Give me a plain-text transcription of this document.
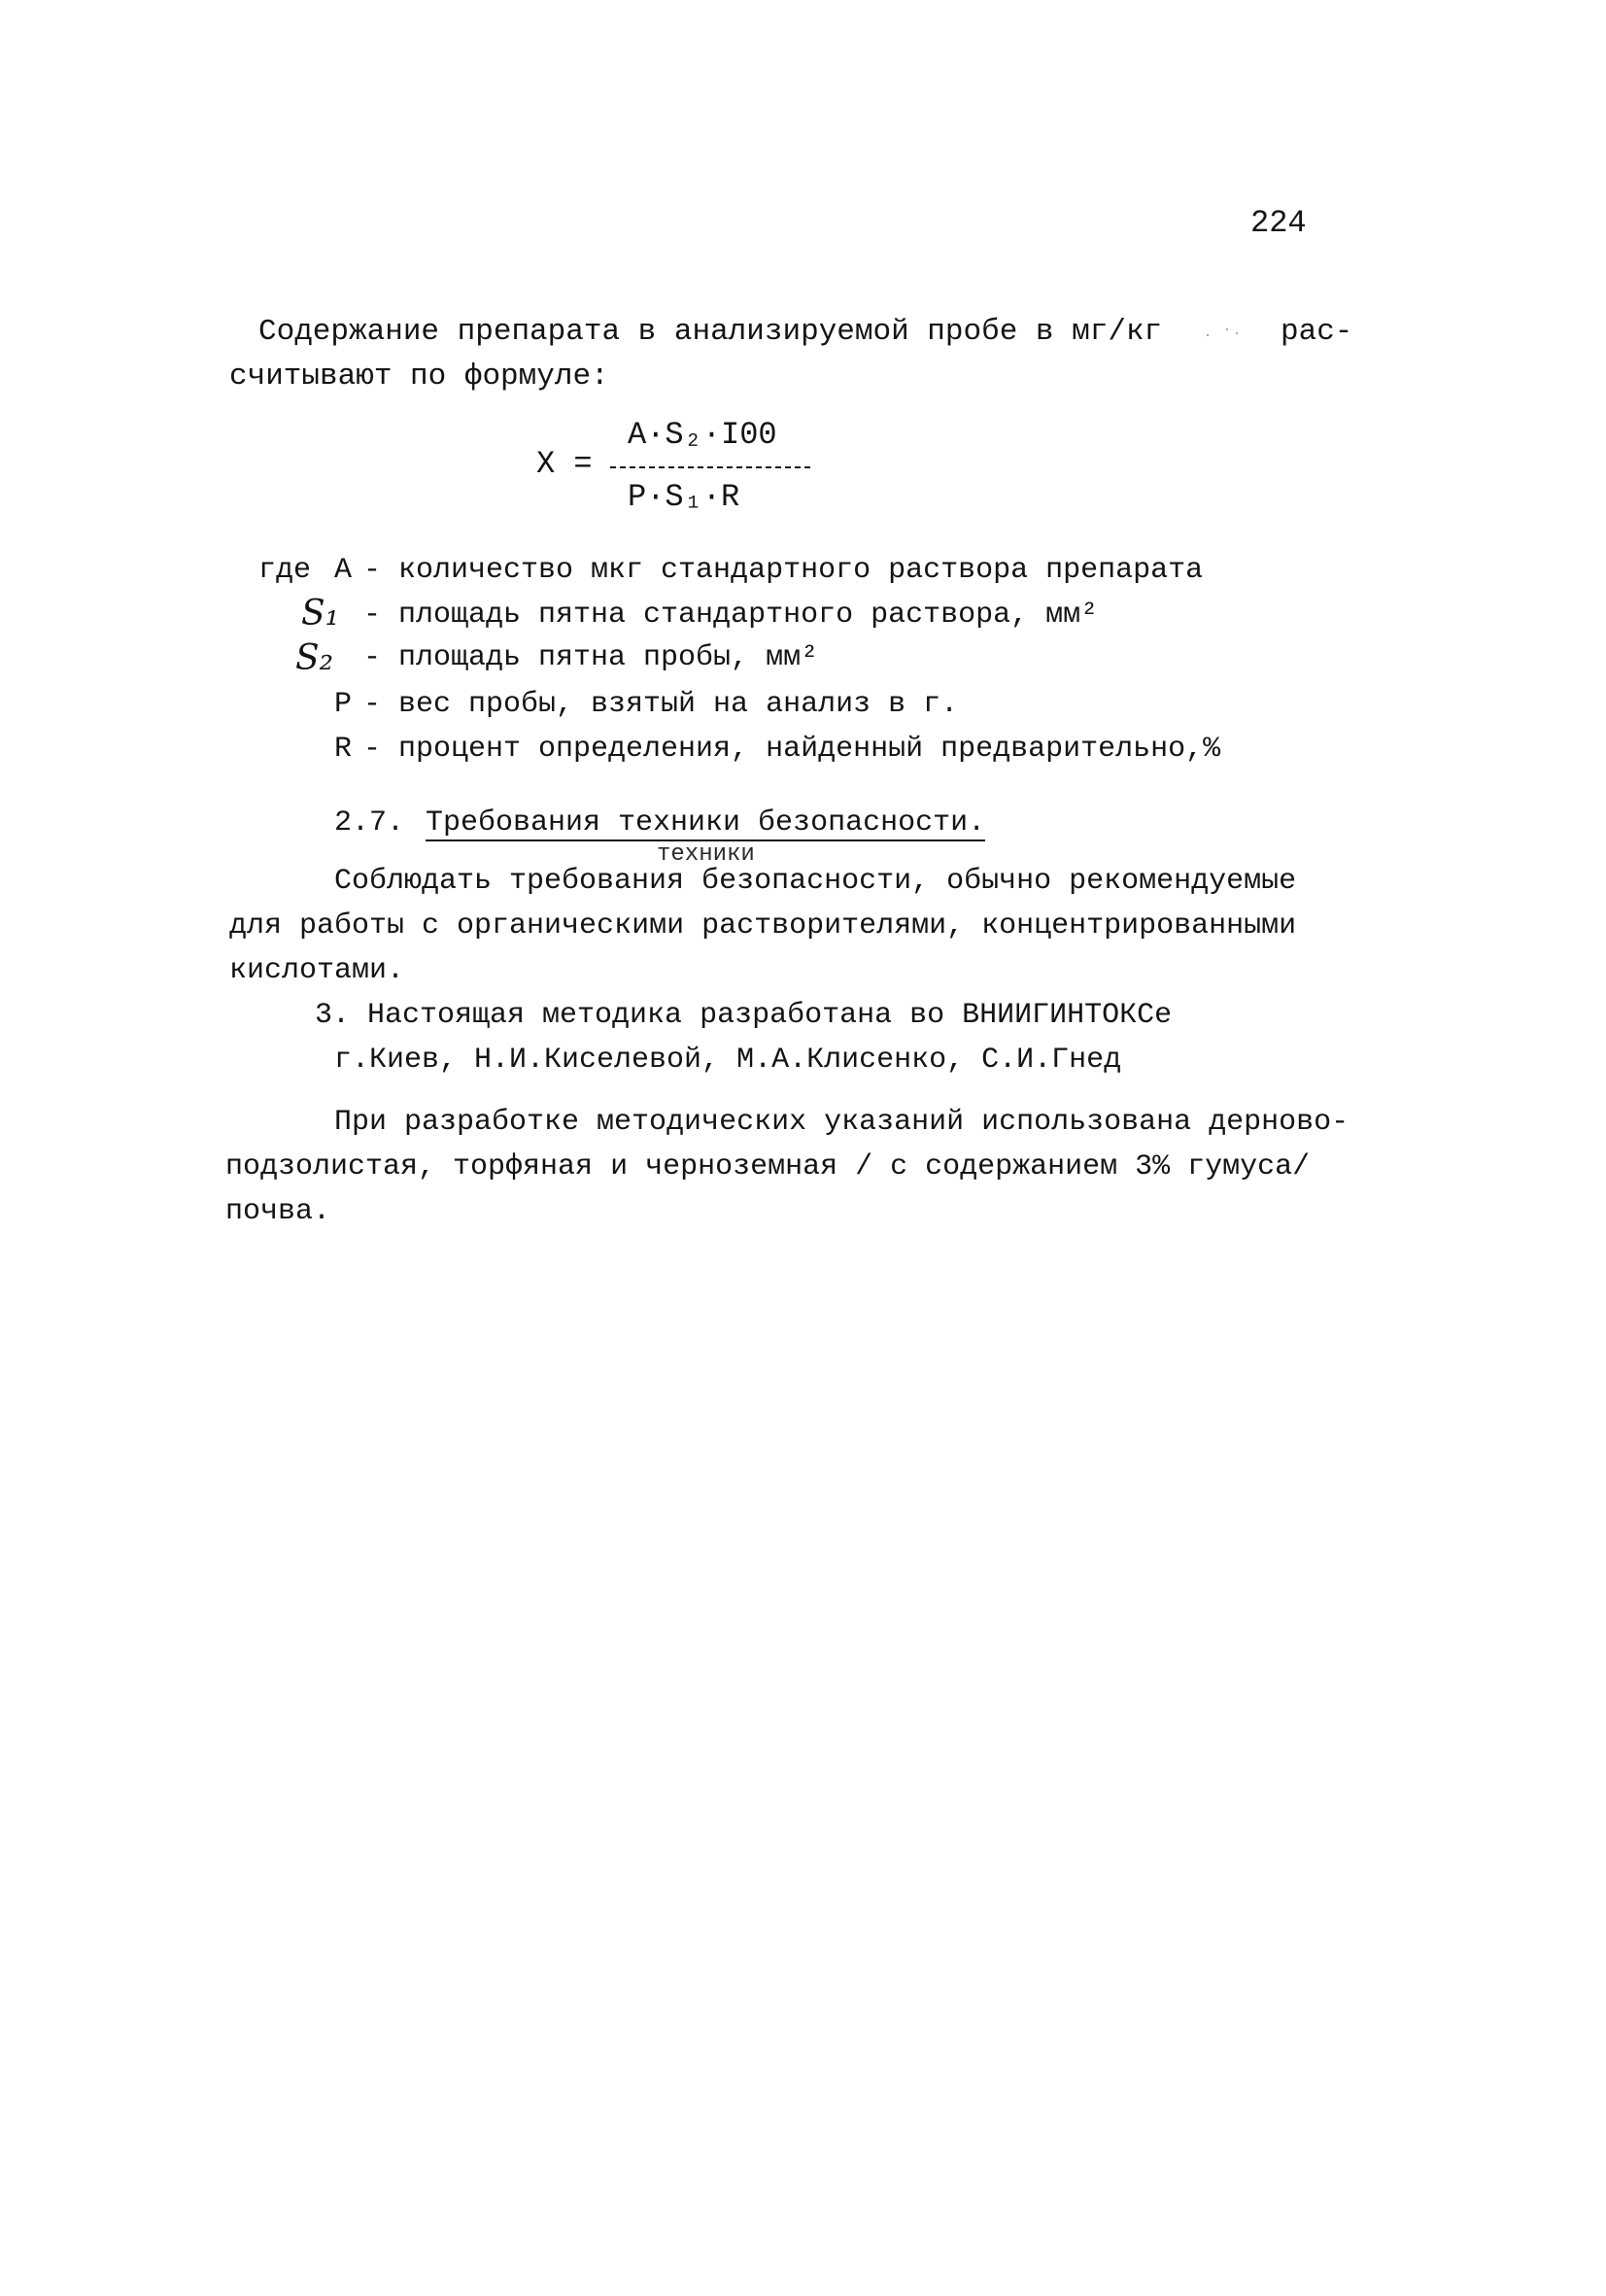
224
Содержание препарата в анализируемой пробе в мг/кг	рас-
считывают по формуле:
X =
A·S₂·I00
P·S₁·R
где A - количество мкг стандартного раствора препарата
S₁ - площадь пятна стандартного раствора, мм²
S₂ - площадь пятна пробы, мм²
P - вес пробы, взятый на анализ в г.
R - процент определения, найденный предварительно,%
2.7. Требования техники безопасности.
техники
Соблюдать требования безопасности, обычно рекомендуемые
для работы с органическими растворителями, концентрированными
кислотами.
3. Настоящая методика разработана во ВНИИГИНТОКСе
г.Киев, Н.И.Киселевой, М.А.Клисенко, С.И.Гнед
При разработке методических указаний использована дерново-
подзолистая, торфяная и черноземная / с содержанием 3% гумуса/
почва.
